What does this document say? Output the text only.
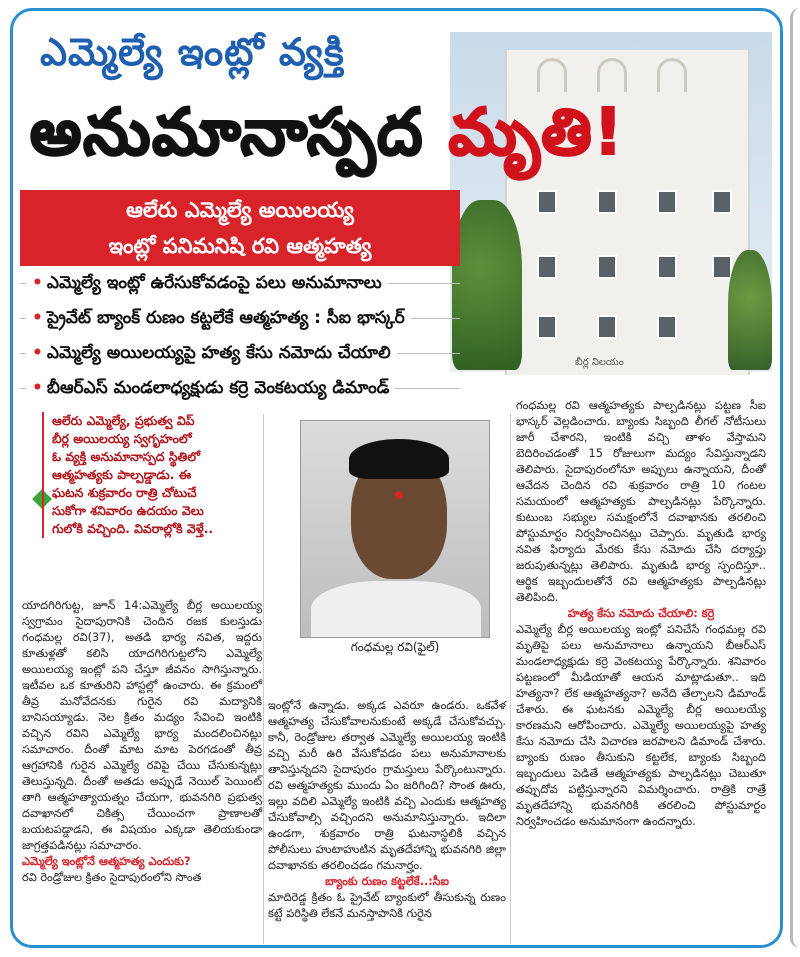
బీర్ల నిలయం
ఎమ్మెల్యే ఇంట్లో వ్యక్తి
అనుమానాస్పద మృతి!
ఆలేరు ఎమ్మెల్యే అయిలయ్య
ఇంట్లో పనిమనిషి రవి ఆత్మహత్య
• ఎమ్మెల్యే ఇంట్లో ఉరేసుకోవడంపై పలు అనుమానాలు
• ప్రైవేట్ బ్యాంక్ రుణం కట్టలేకే ఆత్మహత్య : సీఐ భాస్కర్
• ఎమ్మెల్యే అయిలయ్యపై హత్య కేసు నమోదు చేయాలి
• బీఆర్ఎస్ మండలాధ్యక్షుడు కర్రె వెంకటయ్య డిమాండ్
ఆలేరు ఎమ్మెల్యే, ప్రభుత్వ విప్
బీర్ల అయిలయ్య స్వగృహంలో
ఓ వ్యక్తి అనుమానాస్పద స్థితిలో
ఆత్మహత్యకు పాల్పడ్డాడు. ఈ
ఘటన శుక్రవారం రాత్రి చోటుచే
సుకోగా శనివారం ఉదయం వెలు
గులోకి వచ్చింది. వివరాల్లోకి వెళ్తే..
గంధమల్ల రవి(ఫైల్)

యాదగిరిగుట్ట, జూన్ 14:ఎమ్మెల్యే బీర్ల అయిలయ్య స్వగ్రామం సైదాపురానికి చెందిన రజక కులస్తుడు గంధమల్ల రవి(37), అతడి భార్య నవిత, ఇద్దరు కూతుళ్లతో కలిసి యాదగిరిగుట్టలోని ఎమ్మెల్యే అయిలయ్య ఇంట్లో పని చేస్తూ జీవనం సాగిస్తున్నారు. ఇటీవల ఒక కూతురిని హాస్టల్లో ఉంచారు. ఈ క్రమంలో తీవ్ర మనోవేదనకు గురైన రవి మద్యానికి బానిసయ్యాడు. నెల క్రితం మద్యం సేవించి ఇంటికి వచ్చిన రవిని ఎమ్మెల్యే భార్య మందలించినట్లు సమాచారం. దీంతో మాట మాట పెరగడంతో తీవ్ర ఆగ్రహానికి గురైన ఎమ్మెల్యే రవిపై చేయి చేసుకున్నట్లు తెలుస్తున్నది. దీంతో అతడు అప్పుడే నెయిల్ పెయింట్ తాగి ఆత్మహత్యాయత్నం చేయగా, భువనగిరి ప్రభుత్వ దవాఖానలో చికిత్స చేయించగా ప్రాణాలతో బయటపడ్డాడని, ఈ విషయం ఎక్కడా తెలియకుండా జాగ్రత్తపడినట్లు సమాచారం.

ఎమ్మెల్యే ఇంట్లోనే ఆత్మహత్య ఎందుకు?

రవి రెండ్రోజుల క్రితం సైదాపురంలోని సొంత

ఇంట్లోనే ఉన్నాడు. అక్కడ ఎవరూ ఉండరు. ఒకవేళ ఆత్మహత్య చేసుకోవాలనుకుంటే అక్కడే చేసుకోవచ్చు. కానీ, రెండ్రోజుల తర్వాత ఎమ్మెల్యే అయిలయ్య ఇంటికి వచ్చి మరీ ఉరి వేసుకోవడం పలు అనుమానాలకు తావిస్తున్నదని సైదాపురం గ్రామస్తులు పేర్కొంటున్నారు. రవి ఆత్మహత్యకు ముందు ఏం జరిగింది? సొంత ఊరు, ఇల్లు వదిలి ఎమ్మెల్యే ఇంటికి వచ్చి ఎందుకు ఆత్మహత్య చేసుకోవాల్సి వచ్చిందని అనుమానిస్తున్నారు. ఇదిలా ఉండగా, శుక్రవారం రాత్రి ఘటనాస్థలికి వచ్చిన పోలీసులు హుటాహుటిన మృతదేహాన్ని భువనగిరి జిల్లా దవాఖానకు తరలించడం గమనార్హం.

బ్యాంకు రుణం కట్టలేకే..:సీఐ

మాదిరెడ్డ క్రితం ఓ ప్రైవేట్ బ్యాంకులో తీసుకున్న రుణం కట్టే పరిస్థితి లేకనే మనస్తాపానికి గురైన

గంధమల్ల రవి ఆత్మహత్యకు పాల్పడినట్లు పట్టణ సీఐ భాస్కర్ వెల్లడించారు. బ్యాంకు సిబ్బంది లీగల్ నోటీసులు జారీ చేశారని, ఇంటికి వచ్చి తాళం వేస్తామని బెదిరించడంతో 15 రోజులుగా మద్యం సేవిస్తున్నాడని తెలిపారు. సైదాపురంలోనూ అప్పులు ఉన్నాయని, దీంతో ఆవేదన చెందిన రవి శుక్రవారం రాత్రి 10 గంటల సమయంలో ఆత్మహత్యకు పాల్పడినట్లు పేర్కొన్నారు. కుటుంబ సభ్యుల సమక్షంలోనే దవాఖానకు తరలించి పోస్టుమార్టం నిర్వహించినట్లు చెప్పారు. మృతుడి భార్య నవిత ఫిర్యాదు మేరకు కేసు నమోదు చేసి దర్యాప్తు జరుపుతున్నట్లు తెలిపారు. మృతుడి భార్య స్పందిస్తూ.. ఆర్థిక ఇబ్బందులతోనే రవి ఆత్మహత్యకు పాల్పడినట్లు తెలిపింది.

హత్య కేసు నమోదు చేయాలి: కర్రె

ఎమ్మెల్యే బీర్ల అయిలయ్య ఇంట్లో పనిచేసే గంధమల్ల రవి మృతిపై పలు అనుమానాలు ఉన్నాయని బీఆర్ఎస్ మండలాధ్యక్షుడు కర్రె వెంకటయ్య పేర్కొన్నారు. శనివారం పట్టణంలో మీడియాతో ఆయన మాట్లాడుతూ.. ఇది హత్యనా? లేక ఆత్మహత్యనా? అనేది తేల్చాలని డిమాండ్ చేశారు. ఈ ఘటనకు ఎమ్మెల్యే బీర్ల అయిలయ్యే కారణమని ఆరోపించారు. ఎమ్మెల్యే అయిలయ్యపై హత్య కేసు నమోదు చేసి విచారణ జరపాలని డిమాండ్ చేశారు. బ్యాంకు రుణం తీసుకుని కట్టలేక, బ్యాంకు సిబ్బంది ఇబ్బందులు పెడితే ఆత్మహత్యకు పాల్పడినట్లు చెబుతూ తప్పుదోవ పట్టిస్తున్నారని విమర్శించారు. రాత్రికి రాత్రే మృతదేహాన్ని భువనగిరికి తరలించి పోస్టుమార్టం నిర్వహించడం అనుమానంగా ఉందన్నారు.
